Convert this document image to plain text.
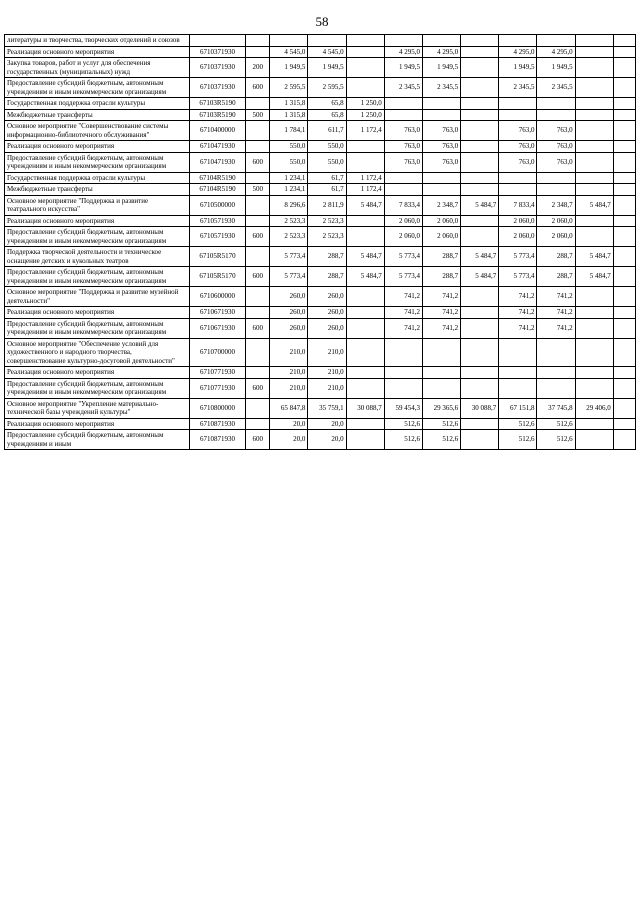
58
литературы и творчества, творческих отделений и союзов												
Реализация основного мероприятия	6710371930		4 545,0	4 545,0		4 295,0	4 295,0		4 295,0	4 295,0		
Закупка товаров, работ и услуг для обеспечения государственных (муниципальных) нужд	6710371930	200	1 949,5	1 949,5		1 949,5	1 949,5		1 949,5	1 949,5		
Предоставление субсидий бюджетным, автономным учреждениям и иным некоммерческим организациям	6710371930	600	2 595,5	2 595,5		2 345,5	2 345,5		2 345,5	2 345,5		
Государственная поддержка отрасли культуры	67103R5190		1 315,8	65,8	1 250,0							
Межбюджетные трансферты	67103R5190	500	1 315,8	65,8	1 250,0							
Основное мероприятие "Совершенствование системы информационно-библиотечного обслуживания"	6710400000		1 784,1	611,7	1 172,4	763,0	763,0		763,0	763,0		
Реализация основного мероприятия	6710471930		550,0	550,0		763,0	763,0		763,0	763,0		
Предоставление субсидий бюджетным, автономным учреждениям и иным некоммерческим организациям	6710471930	600	550,0	550,0		763,0	763,0		763,0	763,0		
Государственная поддержка отрасли культуры	67104R5190		1 234,1	61,7	1 172,4							
Межбюджетные трансферты	67104R5190	500	1 234,1	61,7	1 172,4							
Основное мероприятие "Поддержка и развитие театрального искусства"	6710500000		8 296,6	2 811,9	5 484,7	7 833,4	2 348,7	5 484,7	7 833,4	2 348,7	5 484,7	
Реализация основного мероприятия	6710571930		2 523,3	2 523,3		2 060,0	2 060,0		2 060,0	2 060,0		
Предоставление субсидий бюджетным, автономным учреждениям и иным некоммерческим организациям	6710571930	600	2 523,3	2 523,3		2 060,0	2 060,0		2 060,0	2 060,0		
Поддержка творческой деятельности и техническое оснащение детских и кукольных театров	67105R5170		5 773,4	288,7	5 484,7	5 773,4	288,7	5 484,7	5 773,4	288,7	5 484,7	
Предоставление субсидий бюджетным, автономным учреждениям и иным некоммерческим организациям	67105R5170	600	5 773,4	288,7	5 484,7	5 773,4	288,7	5 484,7	5 773,4	288,7	5 484,7	
Основное мероприятие "Поддержка и развитие музейной деятельности"	6710600000		260,0	260,0		741,2	741,2		741,2	741,2		
Реализация основного мероприятия	6710671930		260,0	260,0		741,2	741,2		741,2	741,2		
Предоставление субсидий бюджетным, автономным учреждениям и иным некоммерческим организациям	6710671930	600	260,0	260,0		741,2	741,2		741,2	741,2		
Основное мероприятие "Обеспечение условий для художественного и народного творчества, совершенствование культурно-досуговой деятельности"	6710700000		210,0	210,0								
Реализация основного мероприятия	6710771930		210,0	210,0								
Предоставление субсидий бюджетным, автономным учреждениям и иным некоммерческим организациям	6710771930	600	210,0	210,0								
Основное мероприятие "Укрепление материально-технической базы учреждений культуры"	6710800000		65 847,8	35 759,1	30 088,7	59 454,3	29 365,6	30 088,7	67 151,8	37 745,8	29 406,0	
Реализация основного мероприятия	6710871930		20,0	20,0		512,6	512,6		512,6	512,6		
Предоставление субсидий бюджетным, автономным учреждениям и иным	6710871930	600	20,0	20,0		512,6	512,6		512,6	512,6		
